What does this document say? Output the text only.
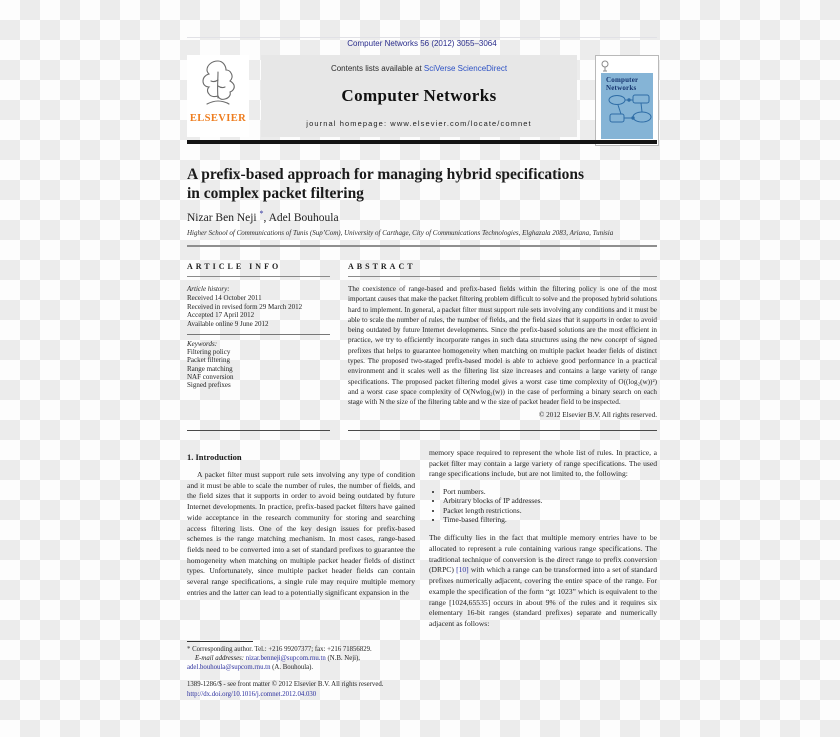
Computer Networks 56 (2012) 3055–3064
ELSEVIER
Contents lists available at SciVerse ScienceDirect
Computer Networks
journal homepage: www.elsevier.com/locate/comnet
Computer
Networks
A prefix-based approach for managing hybrid specifications
in complex packet filtering
Nizar Ben Neji *, Adel Bouhoula
Higher School of Communications of Tunis (Sup’Com), University of Carthage, City of Communications Technologies, Elghazala 2083, Ariana, Tunisia
ARTICLE INFO	ABSTRACT
Article history:
Received 14 October 2011
Received in revised form 29 March 2012
Accepted 17 April 2012
Available online 9 June 2012
Keywords:
Filtering policy
Packet filtering
Range matching
NAF conversion
Signed prefixes
The coexistence of range-based and prefix-based fields within the filtering policy is one of the most important causes that make the packet filtering problem difficult to solve and the proposed hybrid solutions hard to implement. In general, a packet filter must support rule sets involving any conditions and it must be able to scale the number of rules, the number of fields, and the field sizes that it supports in order to avoid being outdated by future Internet developments. Since the prefix-based solutions are the most efficient in practice, we try to efficiently incorporate ranges in such data structures using the new concept of signed prefixes that helps to guarantee homogeneity when matching on multiple packet header fields of distinct types. The proposed two-staged prefix-based model is able to achieve good performance in a practical environment and it scales well as the filtering list size increases and contains a large variety of range specifications. The proposed packet filtering model gives a worst case time complexity of O((log₂(w))²) and a worst case space complexity of O(Nwlog₂(w)) in the case of performing a binary search on each stage with N the size of the filtering table and w the size of packet header field to be inspected.
© 2012 Elsevier B.V. All rights reserved.
1. Introduction

A packet filter must support rule sets involving any type of condition and it must be able to scale the number of rules, the number of fields, and the field sizes that it supports in order to avoid being outdated by future Internet developments. In practice, prefix-based packet filters have gained wide acceptance in the research community for storing and searching access filtering lists. One of the key design issues for prefix-based schemes is the range matching mechanism. In most cases, range-based fields need to be converted into a set of standard prefixes to guarantee the homogeneity when matching on multiple packet header fields of distinct types. Unfortunately, since multiple packet header fields can contain several range specifications, a single rule may require multiple memory entries and the latter can lead to a potentially significant expansion in the

memory space required to represent the whole list of rules. In practice, a packet filter may contain a large variety of range specifications. The used range specifications include, but are not limited to, the following:

• Port numbers.
• Arbitrary blocks of IP addresses.
• Packet length restrictions.
• Time-based filtering.

The difficulty lies in the fact that multiple memory entries have to be allocated to represent a rule containing various range specifications. The traditional technique of conversion is the direct range to prefix conversion (DRPC) [10] with which a range can be transformed into a set of standard prefixes numerically adjacent, covering the entire space of the range. For example the specification of the form “gt 1023” which is equivalent to the range [1024,65535] occurs in about 9% of the rules and it requires six elementary 16-bit ranges (standard prefixes) separate and numerically adjacent as follows:

* Corresponding author. Tel.: +216 99207377; fax: +216 71856829.
E-mail addresses: nizar.benneji@supcom.rnu.tn (N.B. Neji), adel.bouhoula@supcom.rnu.tn (A. Bouhoula).
1389-1286/$ - see front matter © 2012 Elsevier B.V. All rights reserved.
http://dx.doi.org/10.1016/j.comnet.2012.04.030
